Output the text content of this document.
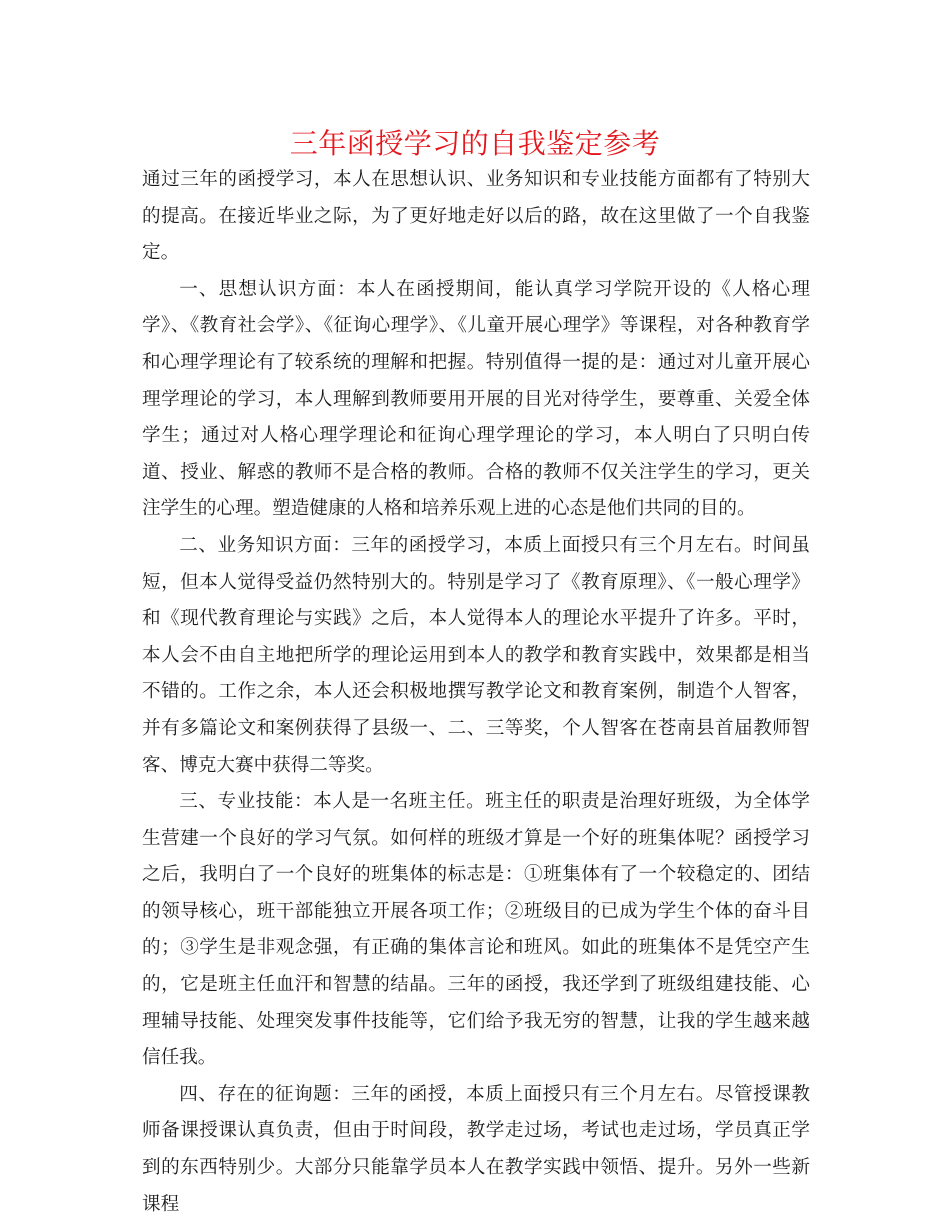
三年函授学习的自我鉴定参考

通过三年的函授学习，本人在思想认识、业务知识和专业技能方面都有了特别大的提高。在接近毕业之际，为了更好地走好以后的路，故在这里做了一个自我鉴定。

一、思想认识方面：本人在函授期间，能认真学习学院开设的《人格心理学》、《教育社会学》、《征询心理学》、《儿童开展心理学》等课程，对各种教育学和心理学理论有了较系统的理解和把握。特别值得一提的是：通过对儿童开展心理学理论的学习，本人理解到教师要用开展的目光对待学生，要尊重、关爱全体学生；通过对人格心理学理论和征询心理学理论的学习，本人明白了只明白传道、授业、解惑的教师不是合格的教师。合格的教师不仅关注学生的学习，更关注学生的心理。塑造健康的人格和培养乐观上进的心态是他们共同的目的。

二、业务知识方面：三年的函授学习，本质上面授只有三个月左右。时间虽短，但本人觉得受益仍然特别大的。特别是学习了《教育原理》、《一般心理学》和《现代教育理论与实践》之后，本人觉得本人的理论水平提升了许多。平时，本人会不由自主地把所学的理论运用到本人的教学和教育实践中，效果都是相当不错的。工作之余，本人还会积极地撰写教学论文和教育案例，制造个人智客，并有多篇论文和案例获得了县级一、二、三等奖，个人智客在苍南县首届教师智客、博克大赛中获得二等奖。

三、专业技能：本人是一名班主任。班主任的职责是治理好班级，为全体学生营建一个良好的学习气氛。如何样的班级才算是一个好的班集体呢？函授学习之后，我明白了一个良好的班集体的标志是：①班集体有了一个较稳定的、团结的领导核心，班干部能独立开展各项工作；②班级目的已成为学生个体的奋斗目的；③学生是非观念强，有正确的集体言论和班风。如此的班集体不是凭空产生的，它是班主任血汗和智慧的结晶。三年的函授，我还学到了班级组建技能、心理辅导技能、处理突发事件技能等，它们给予我无穷的智慧，让我的学生越来越信任我。

四、存在的征询题：三年的函授，本质上面授只有三个月左右。尽管授课教师备课授课认真负责，但由于时间段，教学走过场，考试也走过场，学员真正学到的东西特别少。大部分只能靠学员本人在教学实践中领悟、提升。另外一些新课程
